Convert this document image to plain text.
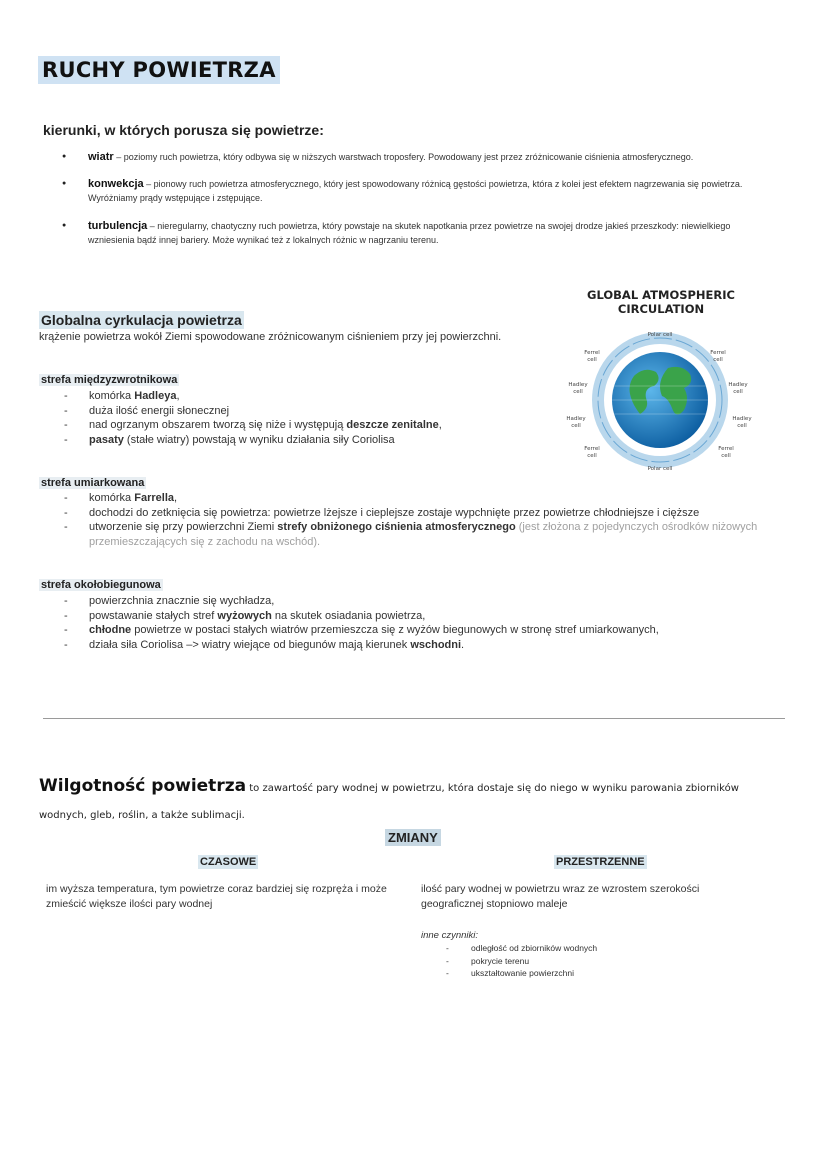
RUCHY POWIETRZA
kierunki, w których porusza się powietrze:
● wiatr – poziomy ruch powietrza, który odbywa się w niższych warstwach troposfery. Powodowany jest przez zróżnicowanie ciśnienia atmosferycznego.
● konwekcja – pionowy ruch powietrza atmosferycznego, który jest spowodowany różnicą gęstości powietrza, która z kolei jest efektem nagrzewania się powietrza. Wyróżniamy prądy wstępujące i zstępujące.
● turbulencja – nieregularny, chaotyczny ruch powietrza, który powstaje na skutek napotkania przez powietrze na swojej drodze jakieś przeszkody: niewielkiego wzniesienia bądź innej bariery. Może wynikać też z lokalnych różnic w nagrzaniu terenu.
Globalna cyrkulacja powietrza
krążenie powietrza wokół Ziemi spowodowane zróżnicowanym ciśnieniem przy jej powierzchni.
GLOBAL ATMOSPHERIC
CIRCULATION
Polar cell
Polar cell
Ferrel
cell
Ferrel
cell
Hadley
cell
Hadley
cell
Hadley
cell
Hadley
cell
Ferrel
cell
Ferrel
cell
strefa międzyzwrotnikowa
- komórka Hadleya,
- duża ilość energii słonecznej
- nad ogrzanym obszarem tworzą się niże i występują deszcze zenitalne,
- pasaty (stałe wiatry) powstają w wyniku działania siły Coriolisa
strefa umiarkowana
- komórka Farrella,
- dochodzi do zetknięcia się powietrza: powietrze lżejsze i cieplejsze zostaje wypchnięte przez powietrze chłodniejsze i cięższe
- utworzenie się przy powierzchni Ziemi strefy obniżonego ciśnienia atmosferycznego (jest złożona z pojedynczych ośrodków niżowych przemieszczających się z zachodu na wschód).
strefa okołobiegunowa
- powierzchnia znacznie się wychładza,
- powstawanie stałych stref wyżowych na skutek osiadania powietrza,
- chłodne powietrze w postaci stałych wiatrów przemieszcza się z wyżów biegunowych w stronę stref umiarkowanych,
- działa siła Coriolisa –> wiatry wiejące od biegunów mają kierunek wschodni.
Wilgotność powietrza to zawartość pary wodnej w powietrzu, która dostaje się do niego w wyniku parowania zbiorników wodnych, gleb, roślin, a także sublimacji.
ZMIANY
CZASOWE	PRZESTRZENNE
im wyższa temperatura, tym powietrze coraz bardziej się rozpręża i może zmieścić większe ilości pary wodnej
ilość pary wodnej w powietrzu wraz ze wzrostem szerokości geograficznej stopniowo maleje
inne czynniki:
- odległość od zbiorników wodnych
- pokrycie terenu
- ukształtowanie powierzchni
